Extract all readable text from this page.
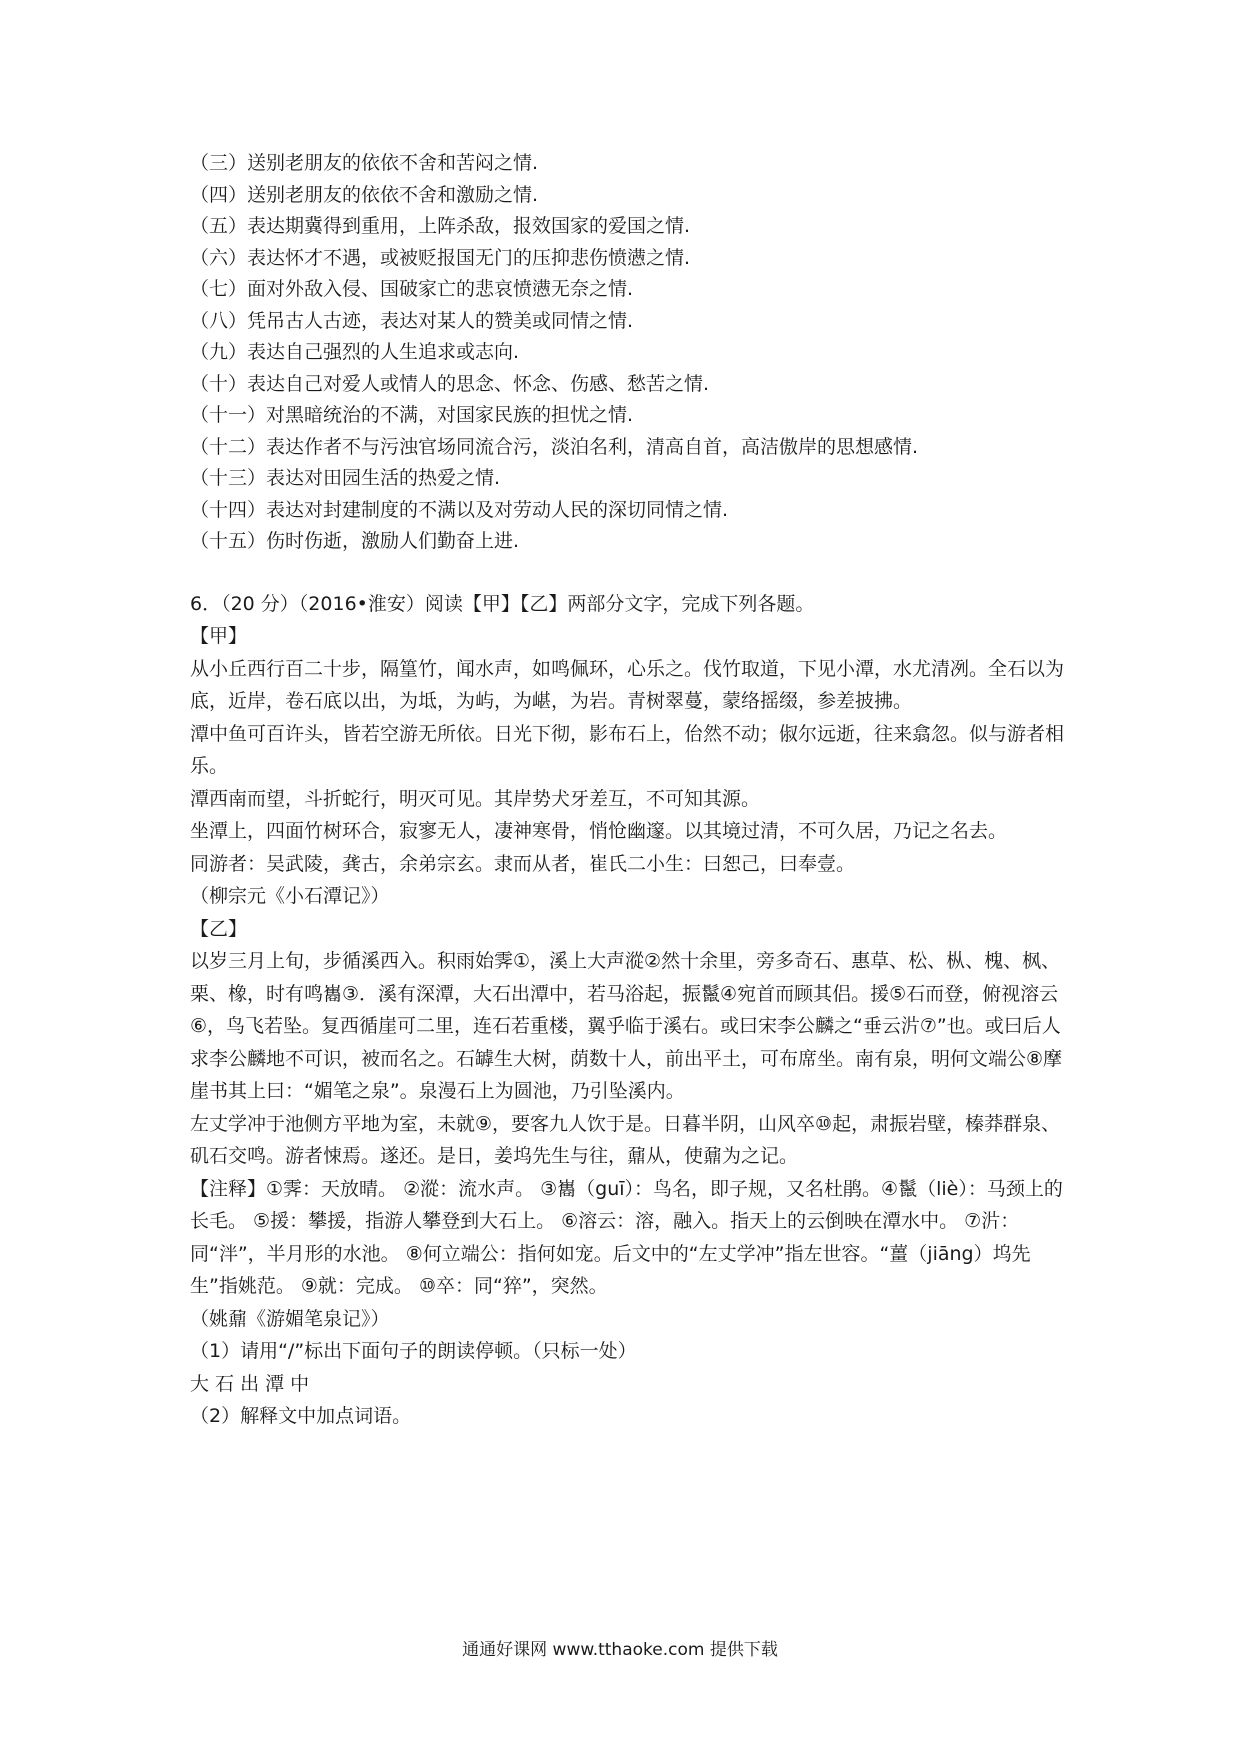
（三）送别老朋友的依依不舍和苦闷之情.
（四）送别老朋友的依依不舍和激励之情.
（五）表达期冀得到重用，上阵杀敌，报效国家的爱国之情.
（六）表达怀才不遇，或被贬报国无门的压抑悲伤愤懑之情.
（七）面对外敌入侵、国破家亡的悲哀愤懑无奈之情.
（八）凭吊古人古迹，表达对某人的赞美或同情之情.
（九）表达自己强烈的人生追求或志向.
（十）表达自己对爱人或情人的思念、怀念、伤感、愁苦之情.
（十一）对黑暗统治的不满，对国家民族的担忧之情.
（十二）表达作者不与污浊官场同流合污，淡泊名利，清高自首，高洁傲岸的思想感情.
（十三）表达对田园生活的热爱之情.
（十四）表达对封建制度的不满以及对劳动人民的深切同情之情.
（十五）伤时伤逝，激励人们勤奋上进.
6．（20 分）（2016•淮安）阅读【甲】【乙】两部分文字，完成下列各题。
【甲】
从小丘西行百二十步，隔篁竹，闻水声，如鸣佩环，心乐之。伐竹取道，下见小潭，水尤清冽。全石以为底，近岸，卷石底以出，为坻，为屿，为嵁，为岩。青树翠蔓，蒙络摇缀，参差披拂。
潭中鱼可百许头，皆若空游无所依。日光下彻，影布石上，佁然不动；俶尔远逝，往来翕忽。似与游者相乐。
潭西南而望，斗折蛇行，明灭可见。其岸势犬牙差互，不可知其源。
坐潭上，四面竹树环合，寂寥无人，凄神寒骨，悄怆幽邃。以其境过清，不可久居，乃记之名去。
同游者：吴武陵，龚古，余弟宗玄。隶而从者，崔氏二小生：曰恕己，曰奉壹。
（柳宗元《小石潭记》）
【乙】
以岁三月上旬，步循溪西入。积雨始霁①，溪上大声漎②然十余里，旁多奇石、惠草、松、枞、槐、枫、栗、橡，时有鸣巂③．溪有深潭，大石出潭中，若马浴起，振鬣④宛首而顾其侣。援⑤石而登，俯视溶云⑥，鸟飞若坠。复西循崖可二里，连石若重楼，翼乎临于溪右。或曰宋李公麟之“垂云沜⑦”也。或曰后人求李公麟地不可识，被而名之。石罅生大树，荫数十人，前出平土，可布席坐。南有泉，明何文端公⑧摩崖书其上曰：“媚笔之泉”。泉漫石上为圆池，乃引坠溪内。
左丈学冲于池侧方平地为室，未就⑨，要客九人饮于是。日暮半阴，山风卒⑩起，肃振岩壁，榛莽群泉、矶石交鸣。游者悚焉。遂还。是日，姜坞先生与往，鼐从，使鼐为之记。
【注释】①霁：天放晴。 ②漎：流水声。 ③巂（guī）：鸟名，即子规，又名杜鹃。④鬣（liè）：马颈上的长毛。 ⑤援：攀援，指游人攀登到大石上。 ⑥溶云：溶，融入。指天上的云倒映在潭水中。 ⑦沜：同“泮”，半月形的水池。 ⑧何立端公：指何如宠。后文中的“左丈学冲”指左世容。“薑（jiāng）坞先生”指姚范。 ⑨就：完成。 ⑩卒：同“猝”，突然。
（姚鼐《游媚笔泉记》）
（1）请用“/”标出下面句子的朗读停顿。（只标一处）
大 石 出 潭 中
（2）解释文中加点词语。
通通好课网 www.tthaoke.com 提供下载
